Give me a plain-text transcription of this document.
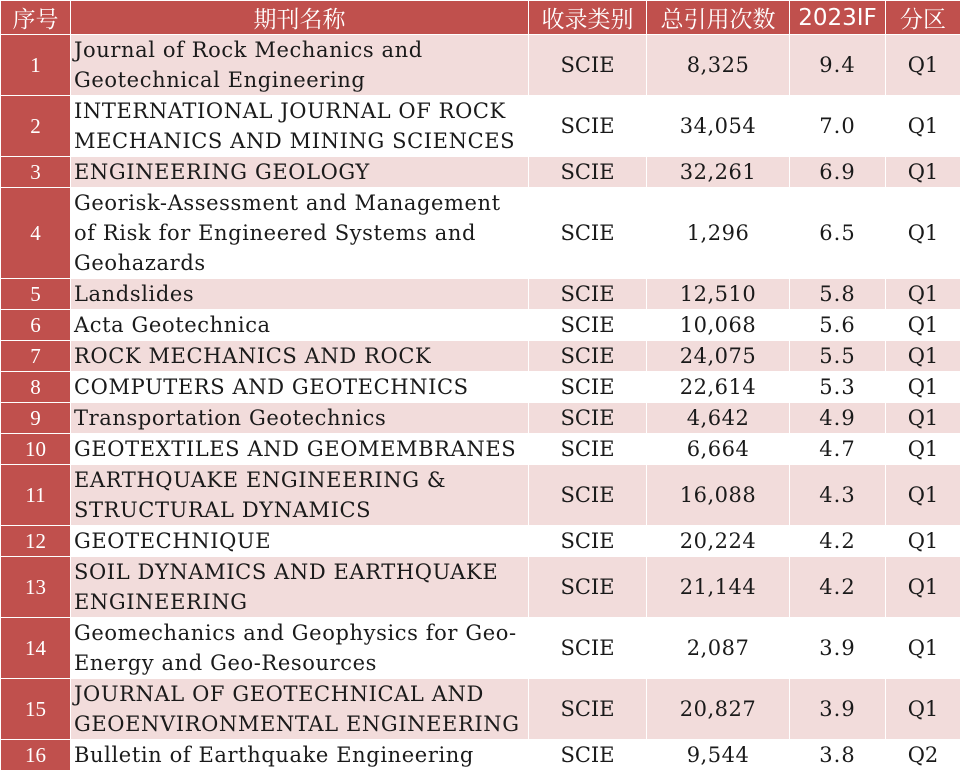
序号	期刊名称	收录类别	总引用次数	2023IF	分区
1	Journal of Rock Mechanics and Geotechnical Engineering	SCIE	8,325	9.4	Q1
2	INTERNATIONAL JOURNAL OF ROCK MECHANICS AND MINING SCIENCES	SCIE	34,054	7.0	Q1
3	ENGINEERING GEOLOGY	SCIE	32,261	6.9	Q1
4	Georisk-Assessment and Management of Risk for Engineered Systems and Geohazards	SCIE	1,296	6.5	Q1
5	Landslides	SCIE	12,510	5.8	Q1
6	Acta Geotechnica	SCIE	10,068	5.6	Q1
7	ROCK MECHANICS AND ROCK	SCIE	24,075	5.5	Q1
8	COMPUTERS AND GEOTECHNICS	SCIE	22,614	5.3	Q1
9	Transportation Geotechnics	SCIE	4,642	4.9	Q1
10	GEOTEXTILES AND GEOMEMBRANES	SCIE	6,664	4.7	Q1
11	EARTHQUAKE ENGINEERING & STRUCTURAL DYNAMICS	SCIE	16,088	4.3	Q1
12	GEOTECHNIQUE	SCIE	20,224	4.2	Q1
13	SOIL DYNAMICS AND EARTHQUAKE ENGINEERING	SCIE	21,144	4.2	Q1
14	Geomechanics and Geophysics for Geo-Energy and Geo-Resources	SCIE	2,087	3.9	Q1
15	JOURNAL OF GEOTECHNICAL AND GEOENVIRONMENTAL ENGINEERING	SCIE	20,827	3.9	Q1
16	Bulletin of Earthquake Engineering	SCIE	9,544	3.8	Q2
